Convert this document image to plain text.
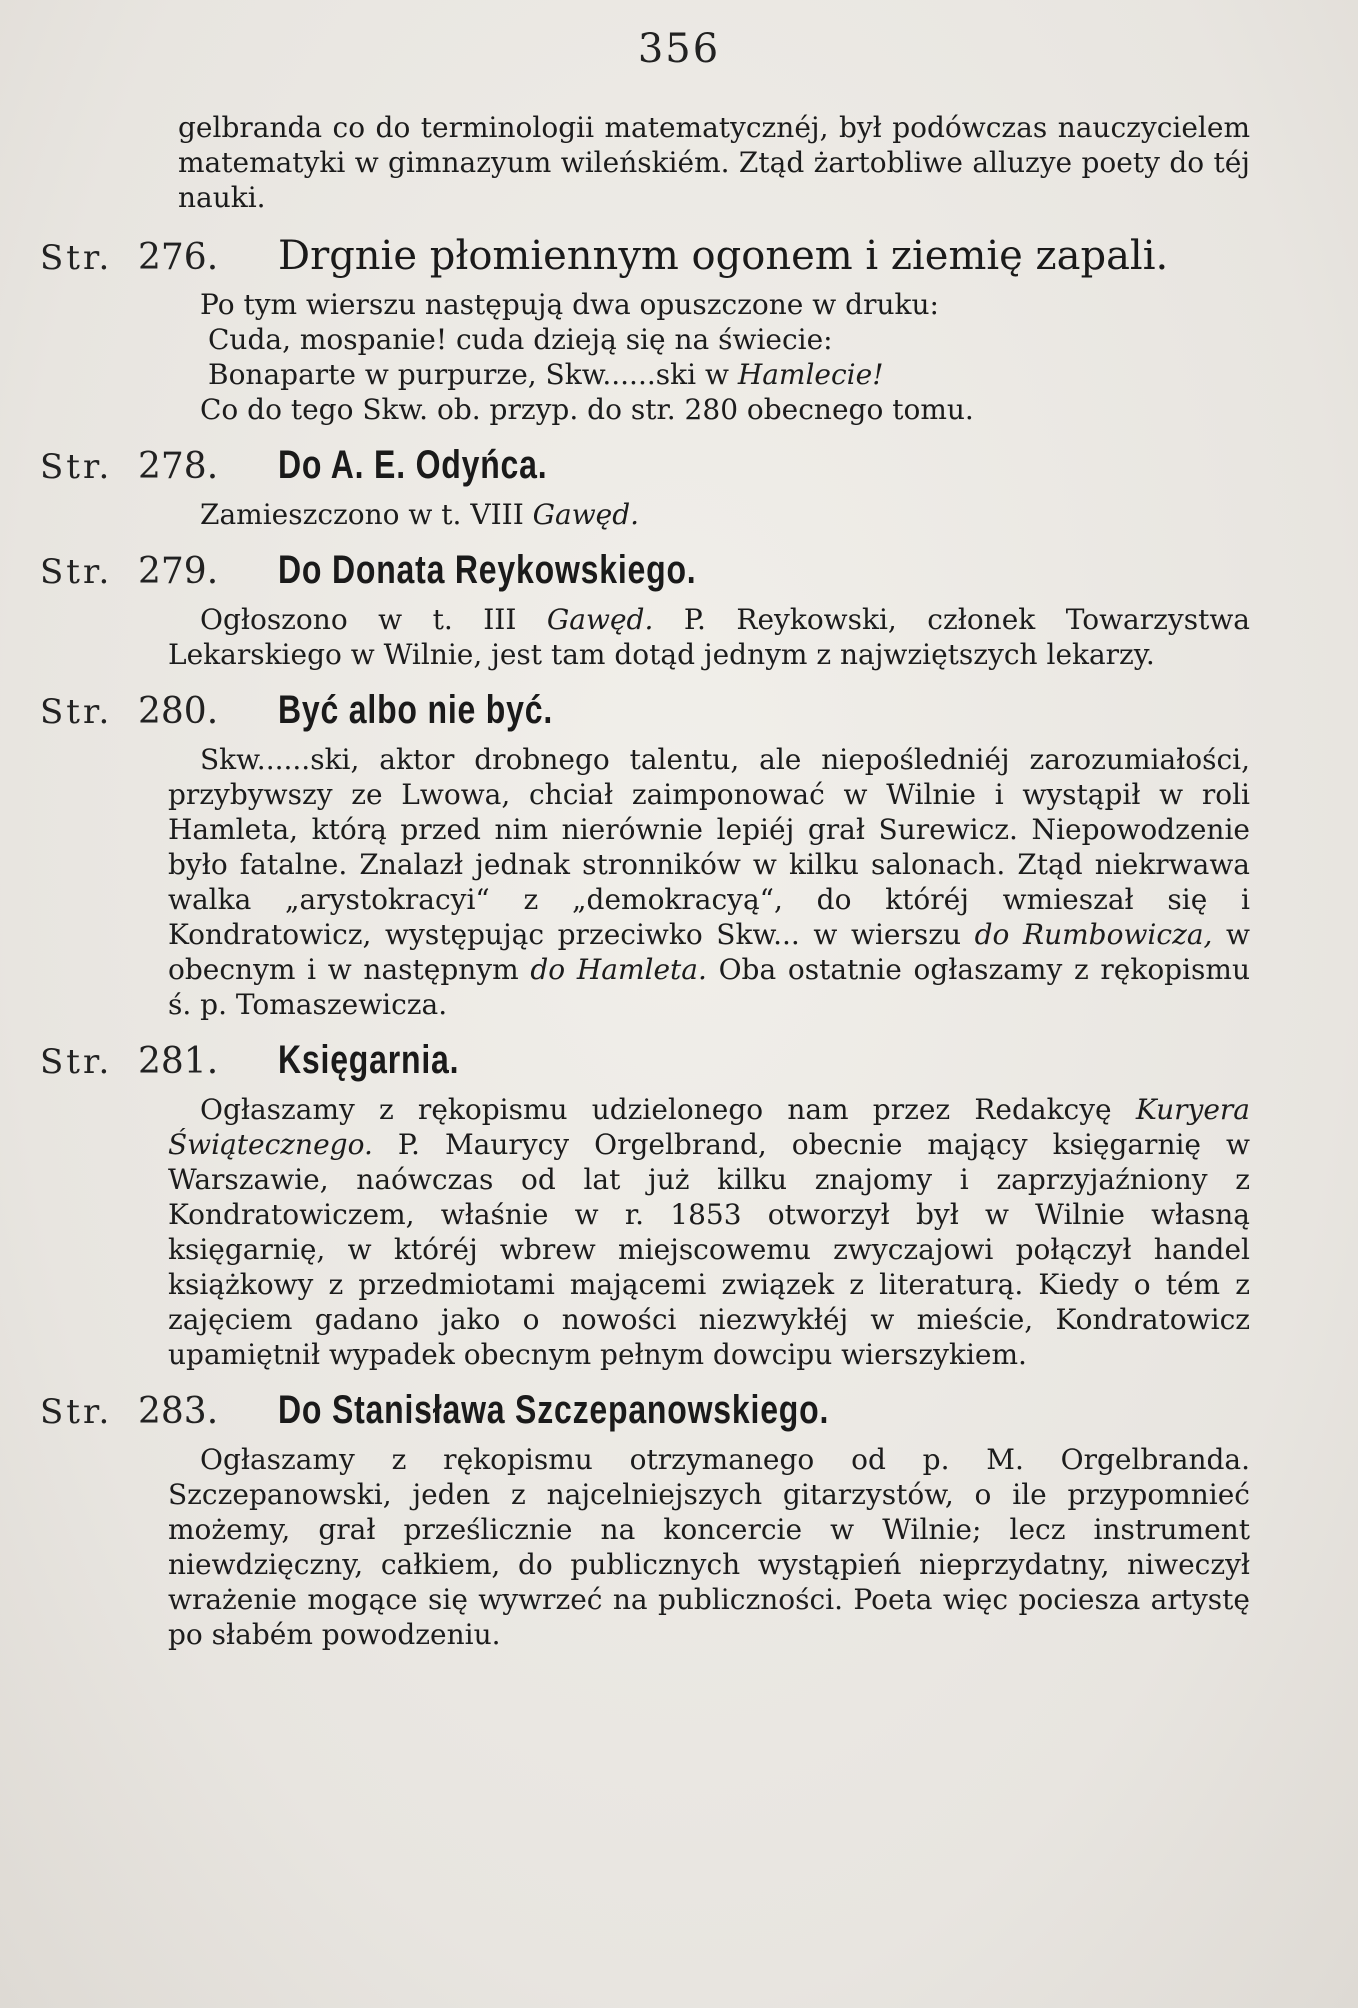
356
gelbranda co do terminologii matematycznéj, był podówczas nauczycielem matematyki w gimnazyum wileńskiém. Ztąd żartobliwe alluzye poety do téj nauki.
Str. 276.	Drgnie płomiennym ogonem i ziemię zapali.
Po tym wierszu następują dwa opuszczone w druku:
Cuda, mospanie! cuda dzieją się na świecie:
Bonaparte w purpurze, Skw......ski w Hamlecie!
Co do tego Skw. ob. przyp. do str. 280 obecnego tomu.
Str. 278.	Do A. E. Odyńca.
Zamieszczono w t. VIII Gawęd.
Str. 279.	Do Donata Reykowskiego.
Ogłoszono w t. III Gawęd. P. Reykowski, członek Towarzystwa Lekarskiego w Wilnie, jest tam dotąd jednym z najwziętszych lekarzy.
Str. 280.	Być albo nie być.
Skw......ski, aktor drobnego talentu, ale niepośledniéj zarozumiałości, przybywszy ze Lwowa, chciał zaimponować w Wilnie i wystąpił w roli Hamleta, którą przed nim nierównie lepiéj grał Surewicz. Niepowodzenie było fatalne. Znalazł jednak stronników w kilku salonach. Ztąd niekrwawa walka „arystokracyi“ z „demokracyą“, do któréj wmieszał się i Kondratowicz, występując przeciwko Skw... w wierszu do Rumbowicza, w obecnym i w następnym do Hamleta. Oba ostatnie ogłaszamy z rękopismu ś. p. Tomaszewicza.
Str. 281.	Księgarnia.
Ogłaszamy z rękopismu udzielonego nam przez Redakcyę Kuryera Świątecznego. P. Maurycy Orgelbrand, obecnie mający księgarnię w Warszawie, naówczas od lat już kilku znajomy i zaprzyjaźniony z Kondratowiczem, właśnie w r. 1853 otworzył był w Wilnie własną księgarnię, w któréj wbrew miejscowemu zwyczajowi połączył handel książkowy z przedmiotami mającemi związek z literaturą. Kiedy o tém z zajęciem gadano jako o nowości niezwykłéj w mieście, Kondratowicz upamiętnił wypadek obecnym pełnym dowcipu wierszykiem.
Str. 283.	Do Stanisława Szczepanowskiego.
Ogłaszamy z rękopismu otrzymanego od p. M. Orgelbranda. Szczepanowski, jeden z najcelniejszych gitarzystów, o ile przypomnieć możemy, grał prześlicznie na koncercie w Wilnie; lecz instrument niewdzięczny, całkiem, do publicznych wystąpień nieprzydatny, niweczył wrażenie mogące się wywrzeć na publiczności. Poeta więc pociesza artystę po słabém powodzeniu.
